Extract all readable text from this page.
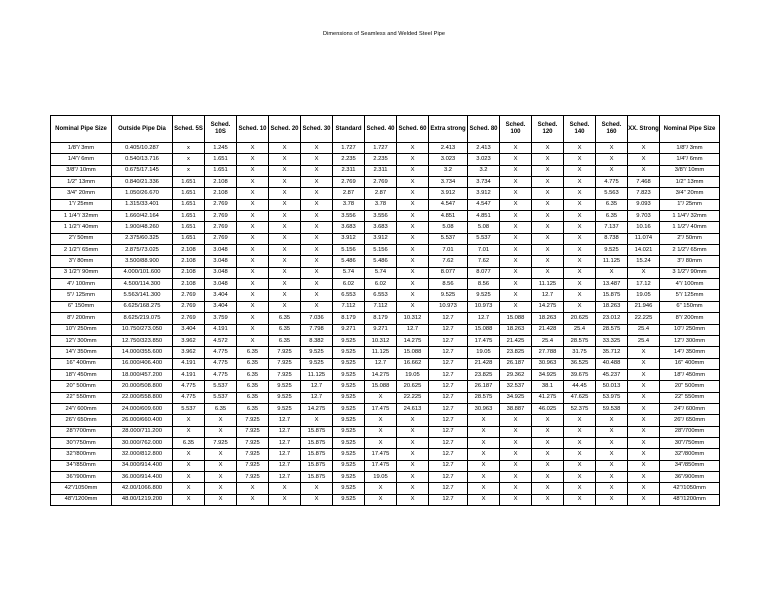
Dimensions of Seamless and Welded Steel Pipe
Nominal Pipe Size	Outside Pipe Dia	Sched. 5S	Sched. 10S	Sched. 10	Sched. 20	Sched. 30	Standard	Sched. 40	Sched. 60	Extra strong	Sched. 80	Sched. 100	Sched. 120	Sched. 140	Sched. 160	XX. Strong	Nominal Pipe Size
1/8"/ 3mm	0.405/10.287	x	1.245	X	X	X	1.727	1.727	X	2.413	2.413	X	X	X	X	X	1/8"/ 3mm
1/4"/ 6mm	0.540/13.716	x	1.651	X	X	X	2.235	2.235	X	3.023	3.023	X	X	X	X	X	1/4"/ 6mm
3/8"/ 10mm	0.675/17.145	x	1.651	X	X	X	2.311	2.311	X	3.2	3.2	X	X	X	X	X	3/8"/ 10mm
1/2" 13mm	0.840/21.336	1.651	2.108	X	X	X	2.769	2.769	X	3.734	3.734	X	X	X	4.775	7.468	1/2" 13mm
3/4" 20mm	1.050/26.670	1.651	2.108	X	X	X	2.87	2.87	X	3.912	3.912	X	X	X	5.563	7.823	3/4" 20mm
1"/ 25mm	1.315/33.401	1.651	2.769	X	X	X	3.78	3.78	X	4.547	4.547	X	X	X	6.35	9.093	1"/ 25mm
1 1/4"/ 32mm	1.660/42.164	1.651	2.769	X	X	X	3.556	3.556	X	4.851	4.851	X	X	X	6.35	9.703	1 1/4"/ 32mm
1 1/2"/ 40mm	1.900/48.260	1.651	2.769	X	X	X	3.683	3.683	X	5.08	5.08	X	X	X	7.137	10.16	1 1/2"/ 40mm
2"/ 50mm	2.375/60.325	1.651	2.769	X	X	X	3.912	3.912	X	5.537	5.537	X	X	X	8.738	11.074	2"/ 50mm
2 1/2"/ 65mm	2.875/73.025	2.108	3.048	X	X	X	5.156	5.156	X	7.01	7.01	X	X	X	9.525	14.021	2 1/2"/ 65mm
3"/ 80mm	3.500/88.900	2.108	3.048	X	X	X	5.486	5.486	X	7.62	7.62	X	X	X	11.125	15.24	3"/ 80mm
3 1/2"/ 90mm	4.000/101.600	2.108	3.048	X	X	X	5.74	5.74	X	8.077	8.077	X	X	X	X	X	3 1/2"/ 90mm
4"/ 100mm	4.500/114.300	2.108	3.048	X	X	X	6.02	6.02	X	8.56	8.56	X	11.125	X	13.487	17.12	4"/ 100mm
5"/ 125mm	5.563/141.300	2.769	3.404	X	X	X	6.553	6.553	X	9.525	9.525	X	12.7	X	15.875	19.05	5"/ 125mm
6" 150mm	6.625/168.275	2.769	3.404	X	X	X	7.112	7.112	X	10.973	10.973	X	14.275	X	18.263	21.946	6" 150mm
8"/ 200mm	8.625/219.075	2.769	3.759	X	6.35	7.036	8.179	8.179	10.312	12.7	12.7	15.088	18.263	20.625	23.012	22.225	8"/ 200mm
10"/ 250mm	10.750/273.050	3.404	4.191	X	6.35	7.798	9.271	9.271	12.7	12.7	15.088	18.263	21.428	25.4	28.575	25.4	10"/ 250mm
12"/ 300mm	12.750/323.850	3.962	4.572	X	6.35	8.382	9.525	10.312	14.275	12.7	17.475	21.425	25.4	28.575	33.325	25.4	12"/ 300mm
14"/ 350mm	14.000/355.600	3.962	4.775	6.35	7.925	9.525	9.525	11.125	15.088	12.7	19.05	23.825	27.788	31.75	35.712	X	14"/ 350mm
16" 400mm	16.000/406.400	4.191	4.775	6.35	7.925	9.525	9.525	12.7	16.662	12.7	21.428	26.187	30.963	36.525	40.488	X	16" 400mm
18"/ 450mm	18.000/457.200	4.191	4.775	6.35	7.925	11.125	9.525	14.275	19.05	12.7	23.825	29.362	34.925	39.675	45.237	X	18"/ 450mm
20" 500mm	20.000/508.800	4.775	5.537	6.35	9.525	12.7	9.525	15.088	20.625	12.7	26.187	32.537	38.1	44.45	50.013	X	20" 500mm
22" 550mm	22.000/558.800	4.775	5.537	6.35	9.525	12.7	9.525	X	22.225	12.7	28.575	34.925	41.275	47.625	53.975	X	22" 550mm
24"/ 600mm	24.000/609.600	5.537	6.35	6.35	9.525	14.275	9.525	17.475	24.613	12.7	30.963	38.887	46.025	52.375	59.538	X	24"/ 600mm
26"/ 650mm	26.000/660.400	X	X	7.925	12.7	X	9.525	X	X	12.7	X	X	X	X	X	X	26"/ 650mm
28"/700mm	28.000/711.200	X	X	7.925	12.7	15.875	9.525	X	X	12.7	X	X	X	X	X	X	28"/700mm
30"/750mm	30.000/762.000	6.35	7.925	7.925	12.7	15.875	9.525	X	X	12.7	X	X	X	X	X	X	30"/750mm
32"/800mm	32.000/812.800	X	X	7.925	12.7	15.875	9.525	17.475	X	12.7	X	X	X	X	X	X	32"/800mm
34"/850mm	34.000/914.400	X	X	7.925	12.7	15.875	9.525	17.475	X	12.7	X	X	X	X	X	X	34"/850mm
36"/900mm	36.000/914.400	X	X	7.925	12.7	15.875	9.525	19.05	X	12.7	X	X	X	X	X	X	36"/900mm
42"/1050mm	42.00/1066.800	X	X	X	X	X	9.525	X	X	12.7	X	X	X	X	X	X	42"/1050mm
48"/1200mm	48.00/1219.200	X	X	X	X	X	9.525	X	X	12.7	X	X	X	X	X	X	48"/1200mm
